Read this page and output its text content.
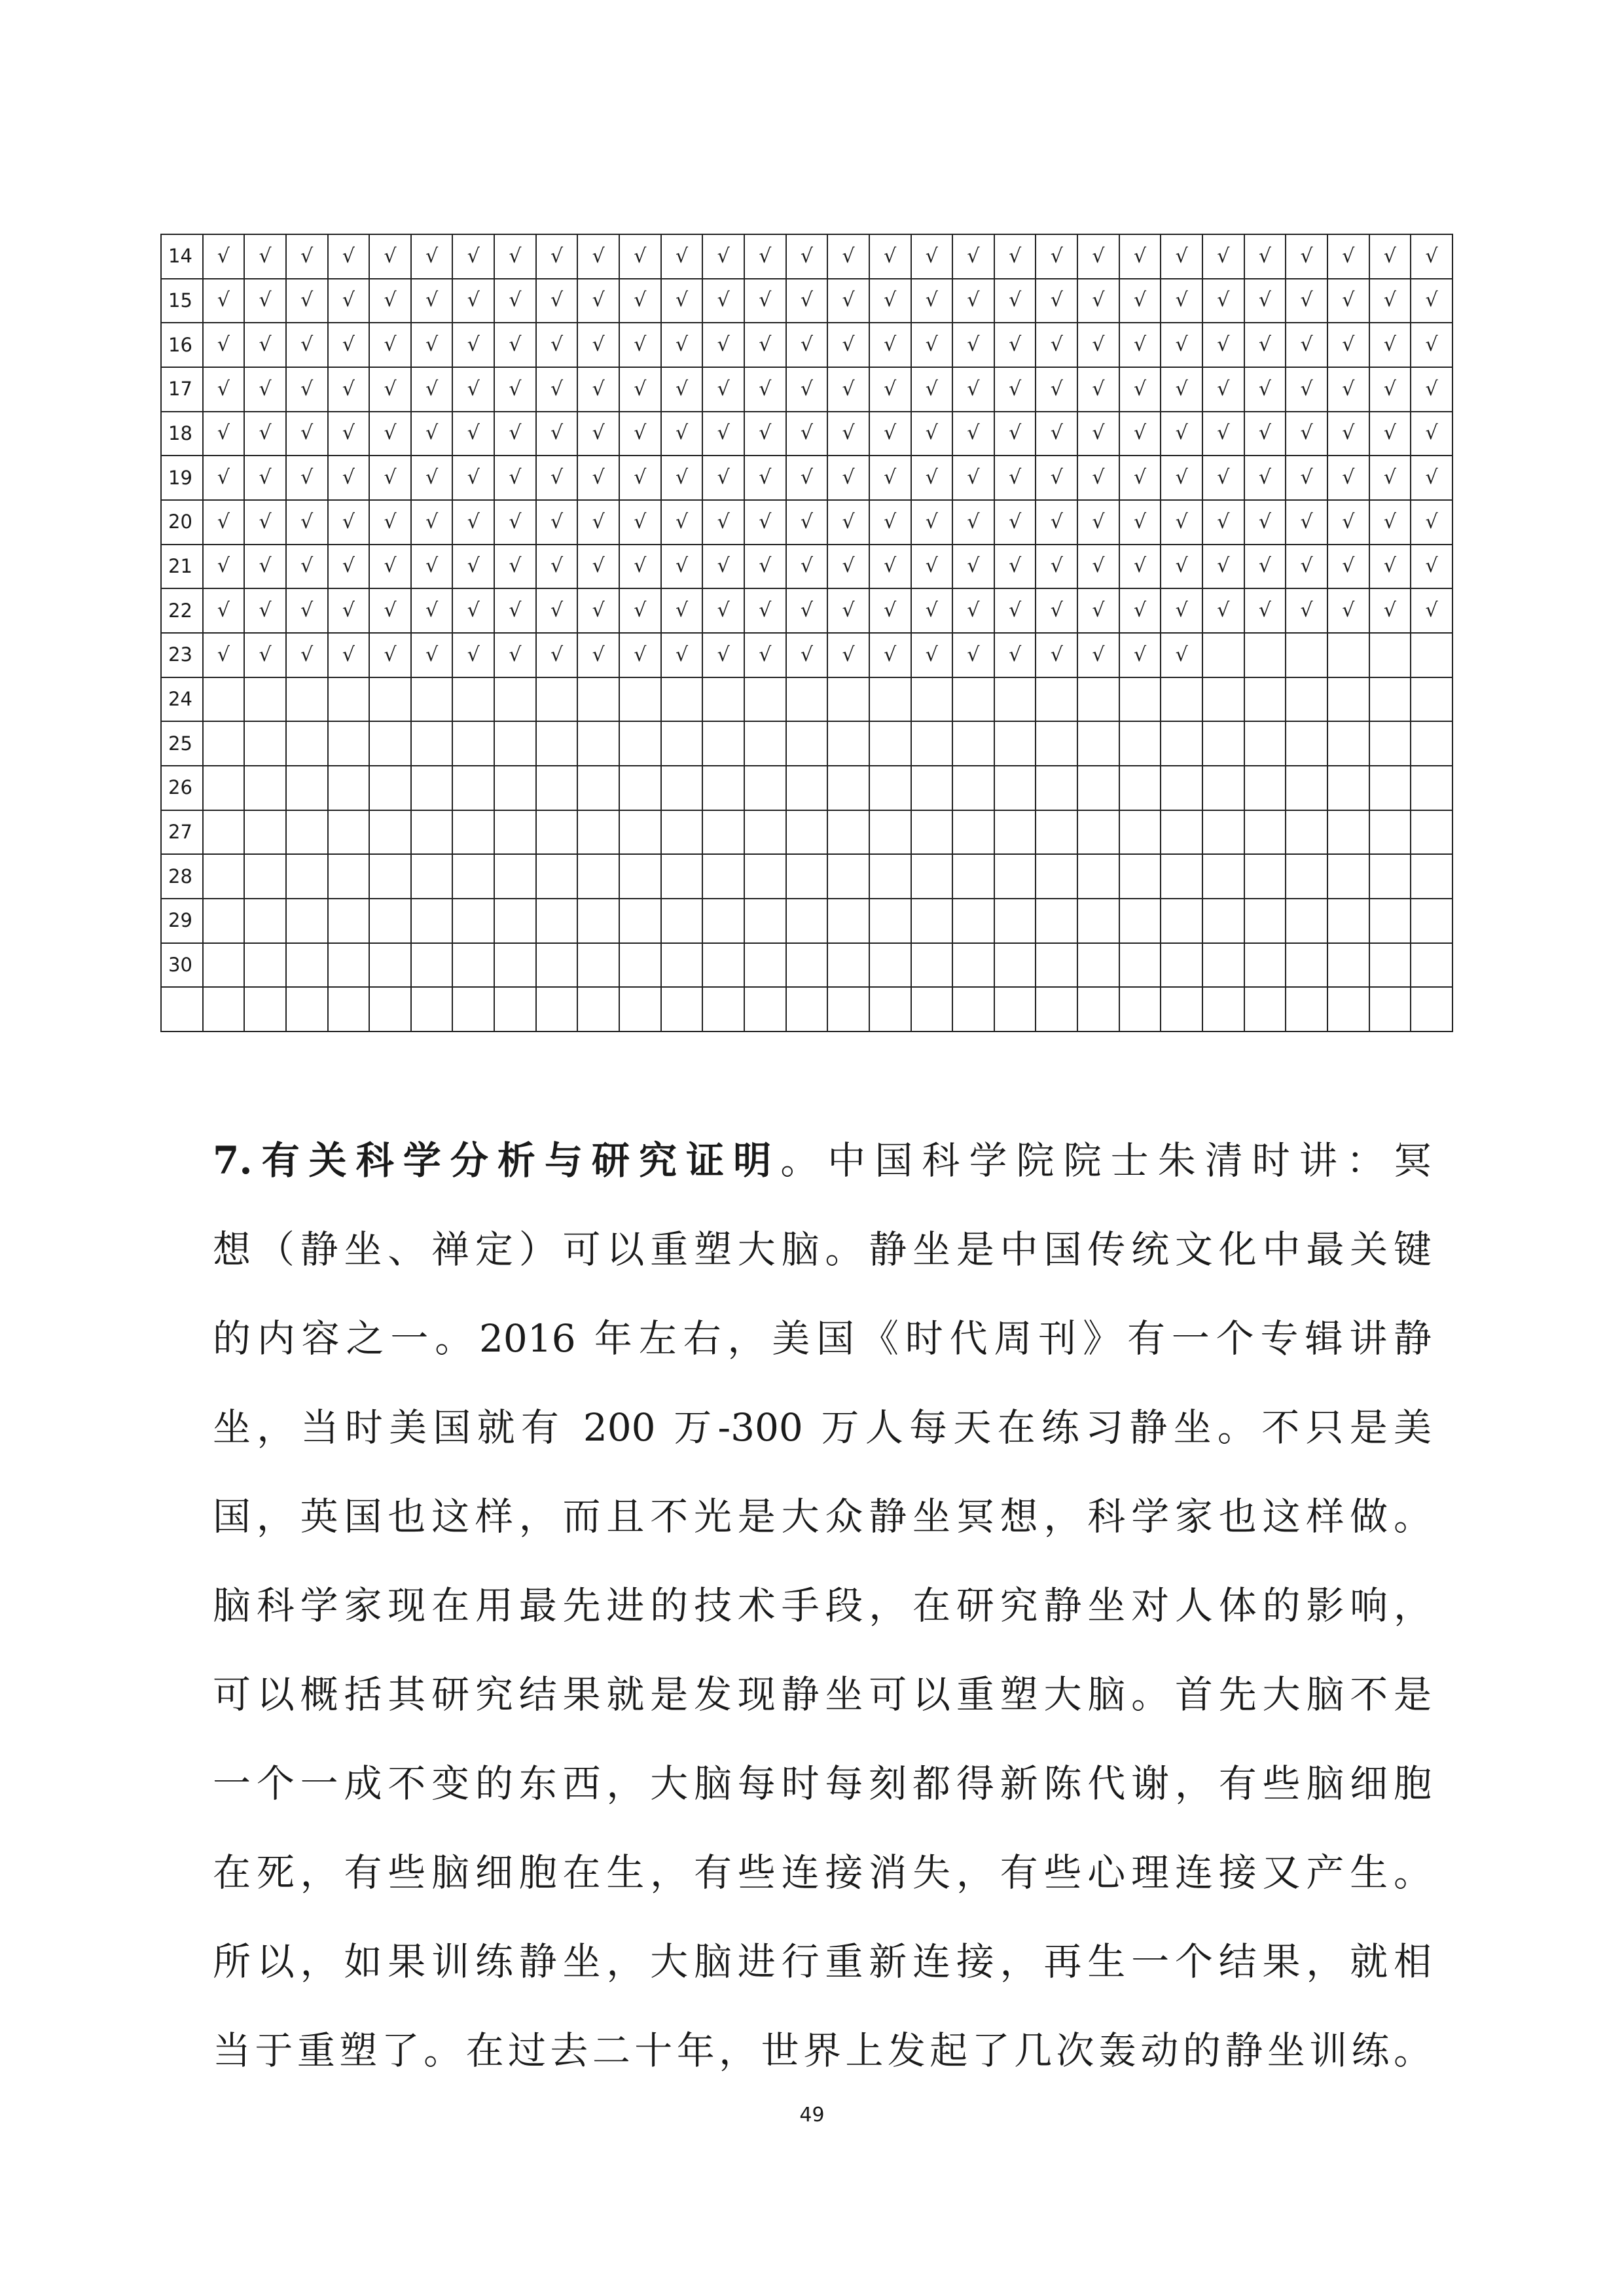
14	√	√	√	√	√	√	√	√	√	√	√	√	√	√	√	√	√	√	√	√	√	√	√	√	√	√	√	√	√	√
15	√	√	√	√	√	√	√	√	√	√	√	√	√	√	√	√	√	√	√	√	√	√	√	√	√	√	√	√	√	√
16	√	√	√	√	√	√	√	√	√	√	√	√	√	√	√	√	√	√	√	√	√	√	√	√	√	√	√	√	√	√
17	√	√	√	√	√	√	√	√	√	√	√	√	√	√	√	√	√	√	√	√	√	√	√	√	√	√	√	√	√	√
18	√	√	√	√	√	√	√	√	√	√	√	√	√	√	√	√	√	√	√	√	√	√	√	√	√	√	√	√	√	√
19	√	√	√	√	√	√	√	√	√	√	√	√	√	√	√	√	√	√	√	√	√	√	√	√	√	√	√	√	√	√
20	√	√	√	√	√	√	√	√	√	√	√	√	√	√	√	√	√	√	√	√	√	√	√	√	√	√	√	√	√	√
21	√	√	√	√	√	√	√	√	√	√	√	√	√	√	√	√	√	√	√	√	√	√	√	√	√	√	√	√	√	√
22	√	√	√	√	√	√	√	√	√	√	√	√	√	√	√	√	√	√	√	√	√	√	√	√	√	√	√	√	√	√
23	√	√	√	√	√	√	√	√	√	√	√	√	√	√	√	√	√	√	√	√	√	√	√	√						
24																														
25																														
26																														
27																														
28																														
29																														
30																														

7.有关科学分析与研究证明。中国科学院院士朱清时讲：冥
想（静坐、禅定）可以重塑大脑。静坐是中国传统文化中最关键
的内容之一。2016 年左右，美国《时代周刊》有一个专辑讲静
坐，当时美国就有 200 万-300 万人每天在练习静坐。不只是美
国，英国也这样，而且不光是大众静坐冥想，科学家也这样做。
脑科学家现在用最先进的技术手段，在研究静坐对人体的影响，
可以概括其研究结果就是发现静坐可以重塑大脑。首先大脑不是
一个一成不变的东西，大脑每时每刻都得新陈代谢，有些脑细胞
在死，有些脑细胞在生，有些连接消失，有些心理连接又产生。
所以，如果训练静坐，大脑进行重新连接，再生一个结果，就相
当于重塑了。在过去二十年，世界上发起了几次轰动的静坐训练。
49
